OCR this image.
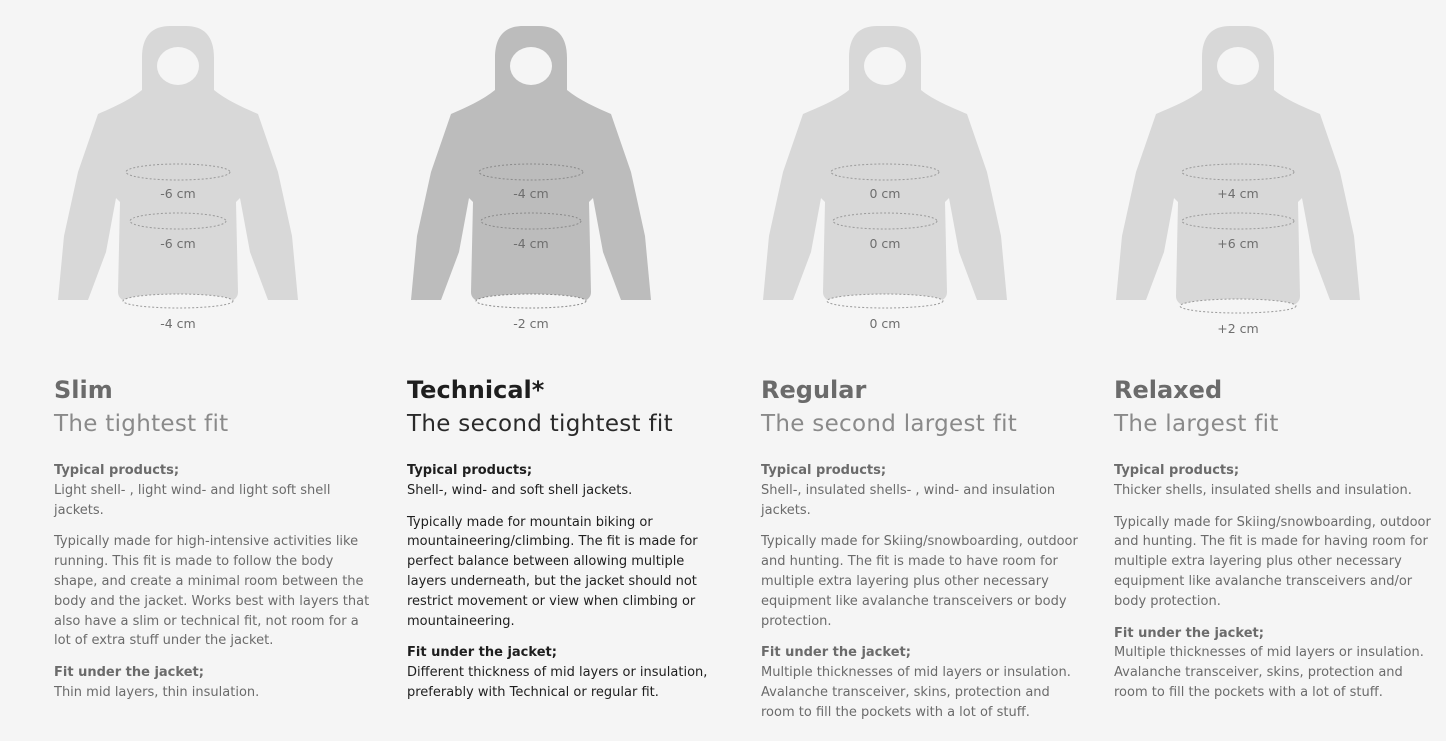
-6 cm
-6 cm
-4 cm
Slim
The tightest fit
Typical products;
Light shell- , light wind- and light soft shell jackets.
Typically made for high-intensive activities like running. This fit is made to follow the body shape, and create a minimal room between the body and the jacket. Works best with layers that also have a slim or technical fit, not room for a lot of extra stuff under the jacket.
Fit under the jacket;
Thin mid layers, thin insulation.
-4 cm
-4 cm
-2 cm
Technical*
The second tightest fit
Typical products;
Shell-, wind- and soft shell jackets.
Typically made for mountain biking or mountaineering/climbing. The fit is made for perfect balance between allowing multiple layers underneath, but the jacket should not restrict movement or view when climbing or mountaineering.
Fit under the jacket;
Different thickness of mid layers or insulation, preferably with Technical or regular fit.
0 cm
0 cm
0 cm
Regular
The second largest fit
Typical products;
Shell-, insulated shells- , wind- and insulation jackets.
Typically made for Skiing/snowboarding, outdoor and hunting. The fit is made to have room for multiple extra layering plus other necessary equipment like avalanche transceivers or body protection.
Fit under the jacket;
Multiple thicknesses of mid layers or insulation. Avalanche transceiver, skins, protection and room to fill the pockets with a lot of stuff.
+4 cm
+6 cm
+2 cm
Relaxed
The largest fit
Typical products;
Thicker shells, insulated shells and insulation.
Typically made for Skiing/snowboarding, outdoor and hunting. The fit is made for having room for multiple extra layering plus other necessary equipment like avalanche transceivers and/or body protection.
Fit under the jacket;
Multiple thicknesses of mid layers or insulation. Avalanche transceiver, skins, protection and room to fill the pockets with a lot of stuff.
